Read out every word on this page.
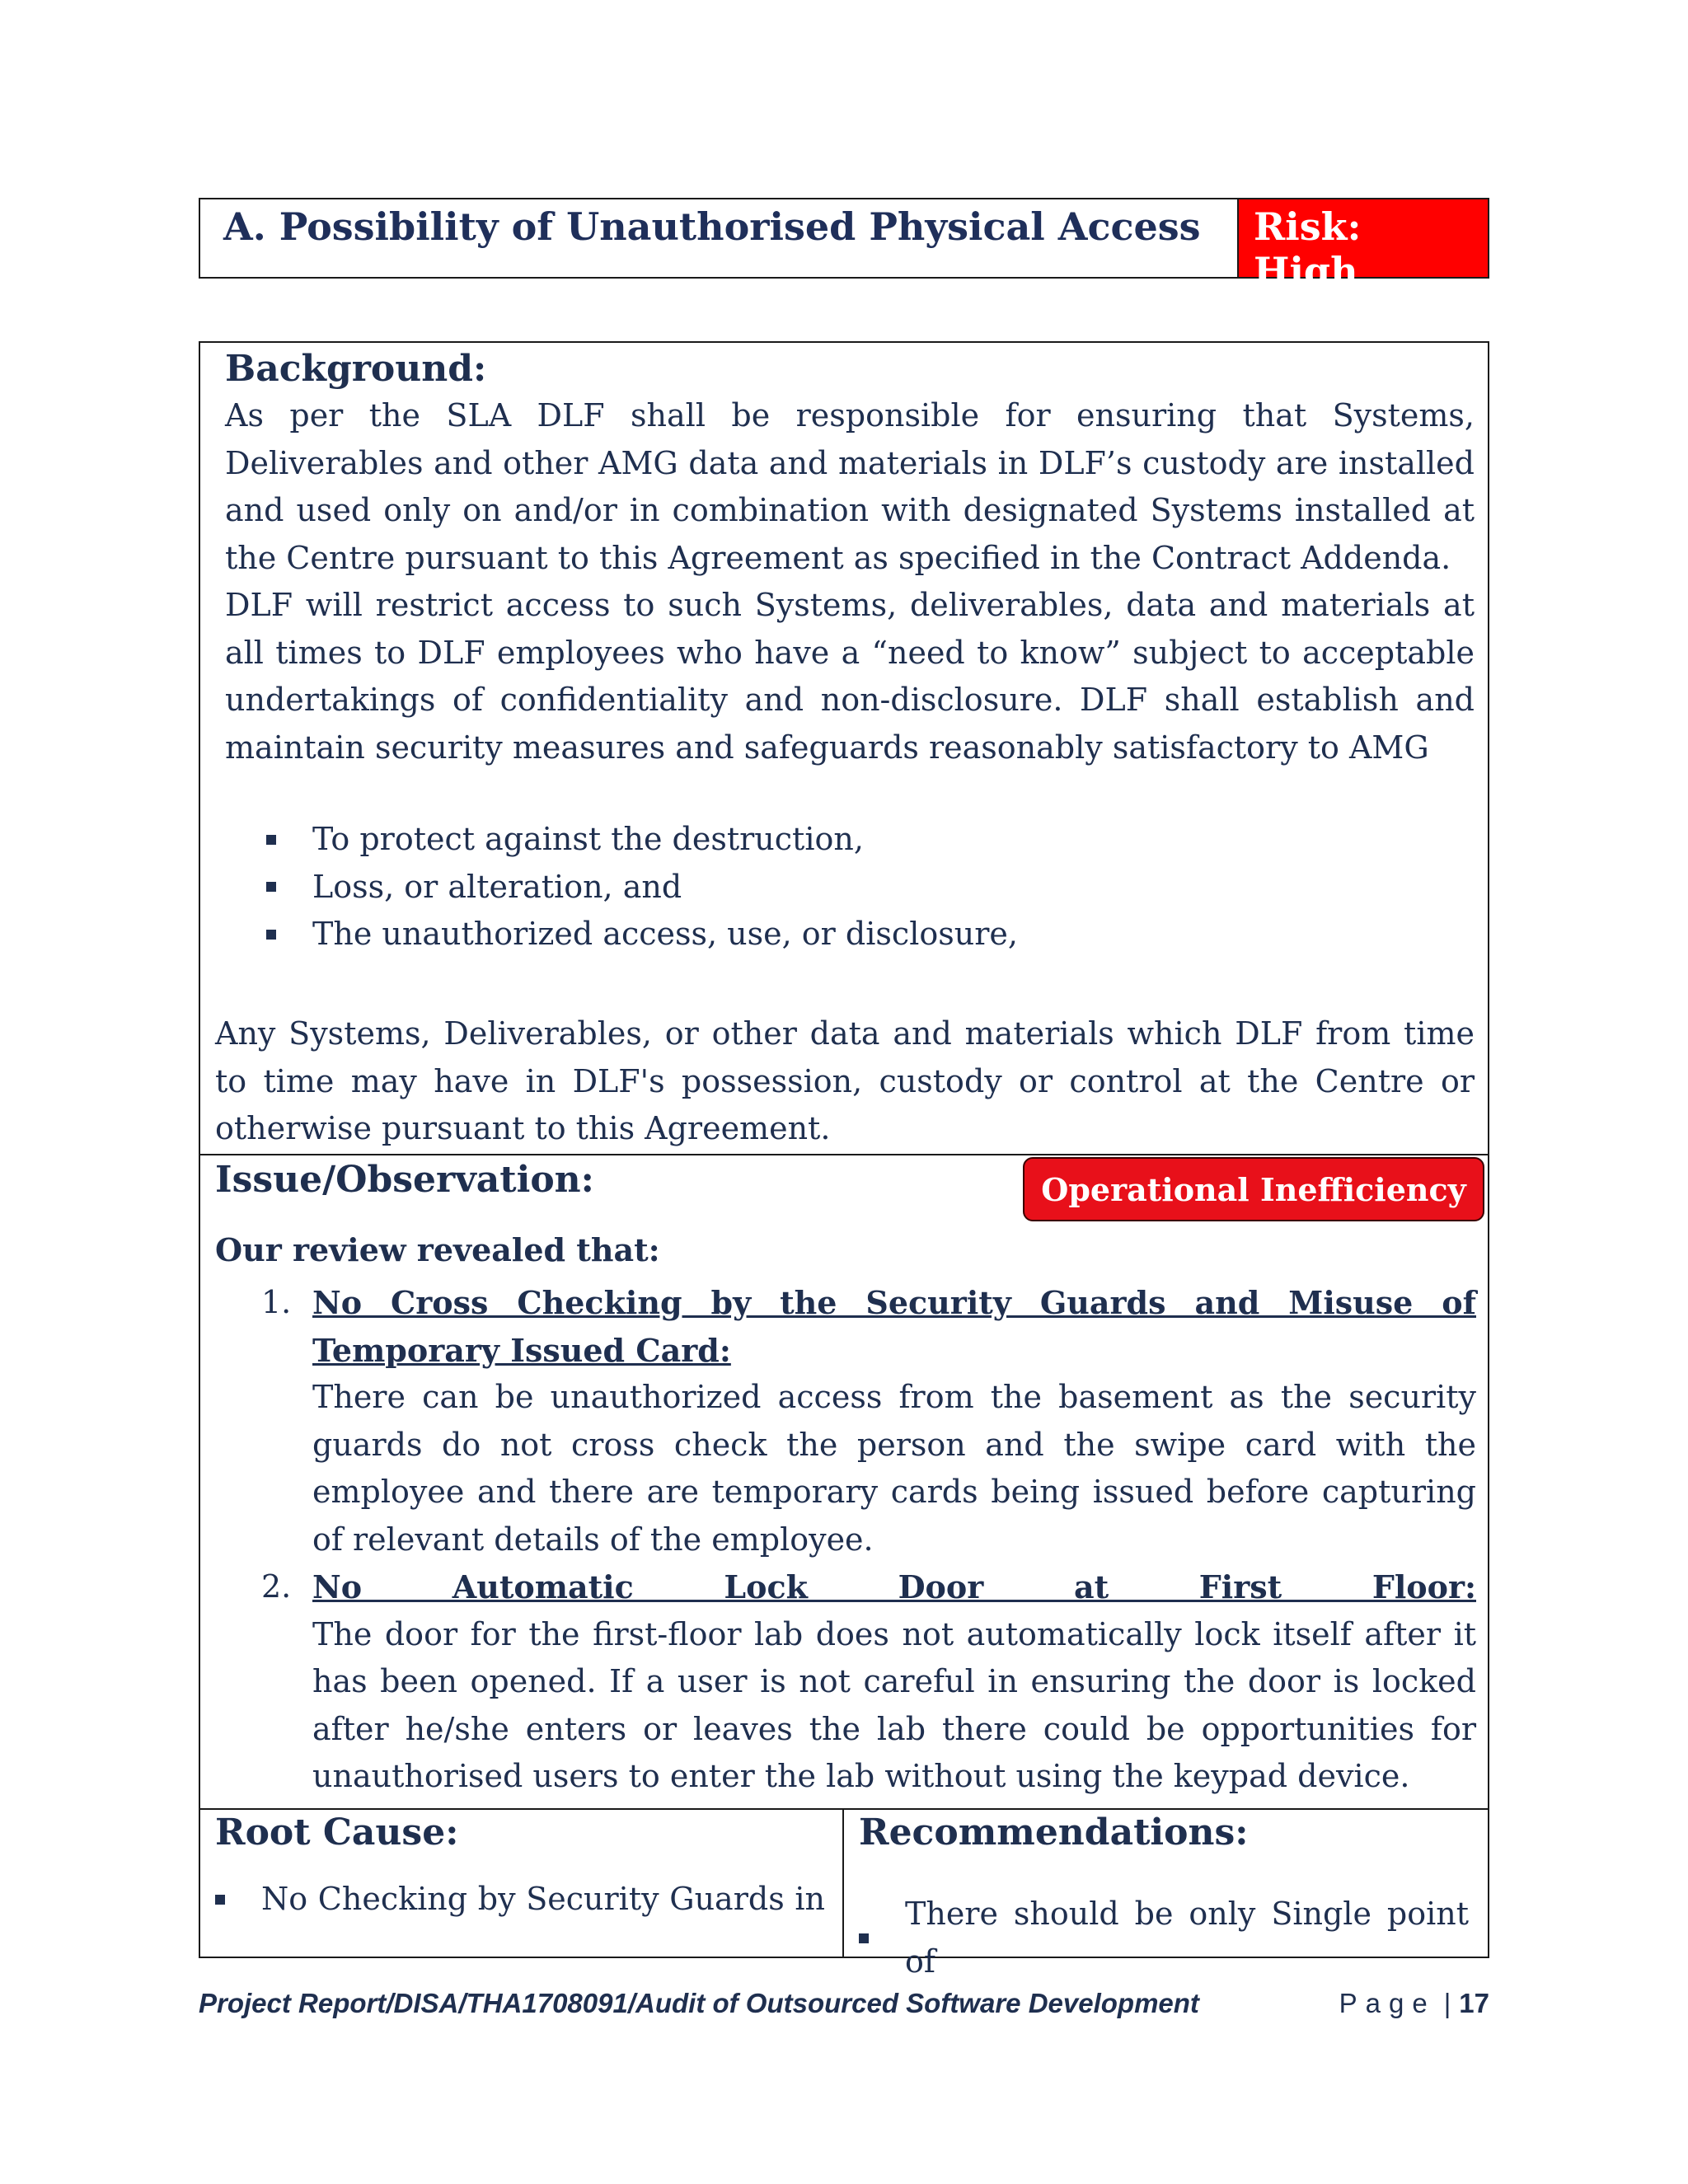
A. Possibility of Unauthorised Physical Access	Risk: High
Background:

As per the SLA DLF shall be responsible for ensuring that Systems, Deliverables and other AMG data and materials in DLF’s custody are installed and used only on and/or in combination with designated Systems installed at the Centre pursuant to this Agreement as specified in the Contract Addenda.

DLF will restrict access to such Systems, deliverables, data and materials at all times to DLF employees who have a “need to know” subject to acceptable undertakings of confidentiality and non-disclosure. DLF shall establish and maintain security measures and safeguards reasonably satisfactory to AMG

To protect against the destruction,
Loss, or alteration, and
The unauthorized access, use, or disclosure,

Any Systems, Deliverables, or other data and materials which DLF from time to time may have in DLF's possession, custody or control at the Centre or otherwise pursuant to this Agreement.

Issue/Observation:	Operational Inefficiency
Our review revealed that:
1. No Cross Checking by the Security Guards and Misuse of Temporary Issued Card:

There can be unauthorized access from the basement as the security guards do not cross check the person and the swipe card with the employee and there are temporary cards being issued before capturing of relevant details of the employee.

2. No Automatic Lock Door at First Floor:

The door for the first-floor lab does not automatically lock itself after it has been opened. If a user is not careful in ensuring the door is locked after he/she enters or leaves the lab there could be opportunities for unauthorised users to enter the lab without using the keypad device.

Root Cause:
No Checking by Security Guards in
Recommendations:
There should be only Single point of
Project Report/DISA/THA1708091/Audit of Outsourced Software Development	Page | 17
